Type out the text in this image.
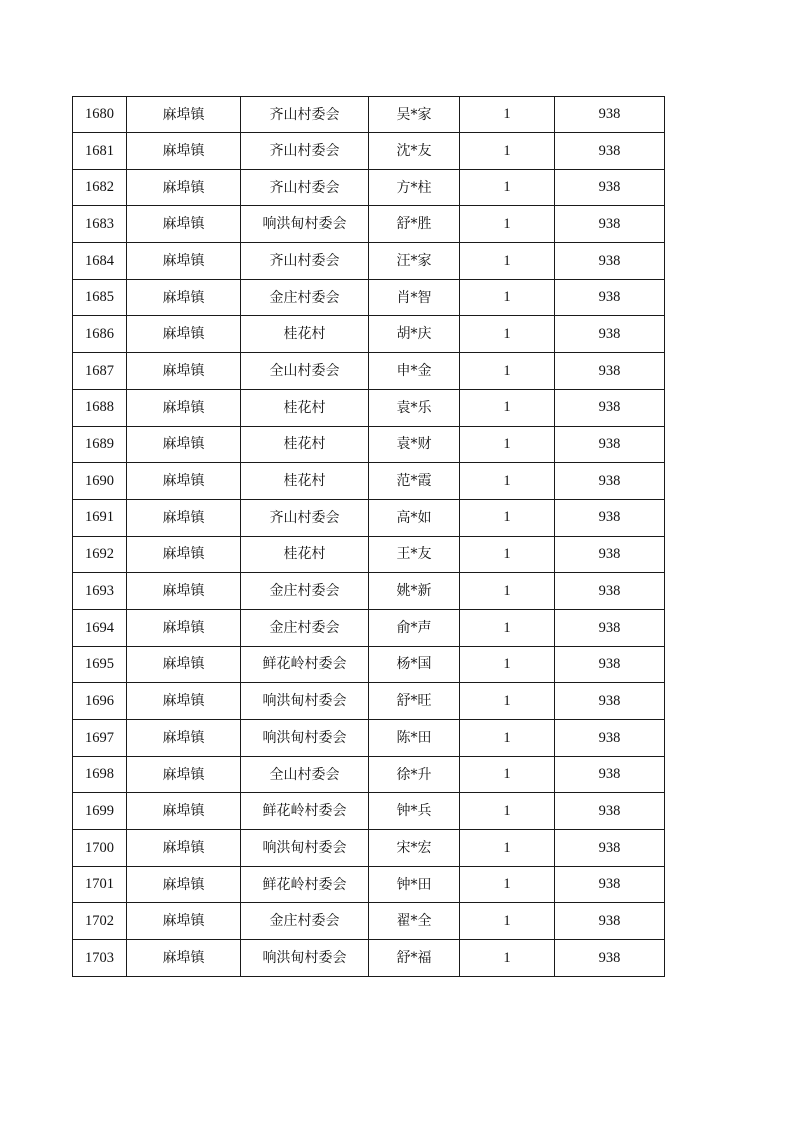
1680	麻埠镇	齐山村委会	吴*家	1	938
1681	麻埠镇	齐山村委会	沈*友	1	938
1682	麻埠镇	齐山村委会	方*柱	1	938
1683	麻埠镇	响洪甸村委会	舒*胜	1	938
1684	麻埠镇	齐山村委会	汪*家	1	938
1685	麻埠镇	金庄村委会	肖*智	1	938
1686	麻埠镇	桂花村	胡*庆	1	938
1687	麻埠镇	全山村委会	申*金	1	938
1688	麻埠镇	桂花村	袁*乐	1	938
1689	麻埠镇	桂花村	袁*财	1	938
1690	麻埠镇	桂花村	范*霞	1	938
1691	麻埠镇	齐山村委会	高*如	1	938
1692	麻埠镇	桂花村	王*友	1	938
1693	麻埠镇	金庄村委会	姚*新	1	938
1694	麻埠镇	金庄村委会	俞*声	1	938
1695	麻埠镇	鲜花岭村委会	杨*国	1	938
1696	麻埠镇	响洪甸村委会	舒*旺	1	938
1697	麻埠镇	响洪甸村委会	陈*田	1	938
1698	麻埠镇	全山村委会	徐*升	1	938
1699	麻埠镇	鲜花岭村委会	钟*兵	1	938
1700	麻埠镇	响洪甸村委会	宋*宏	1	938
1701	麻埠镇	鲜花岭村委会	钟*田	1	938
1702	麻埠镇	金庄村委会	翟*全	1	938
1703	麻埠镇	响洪甸村委会	舒*福	1	938
